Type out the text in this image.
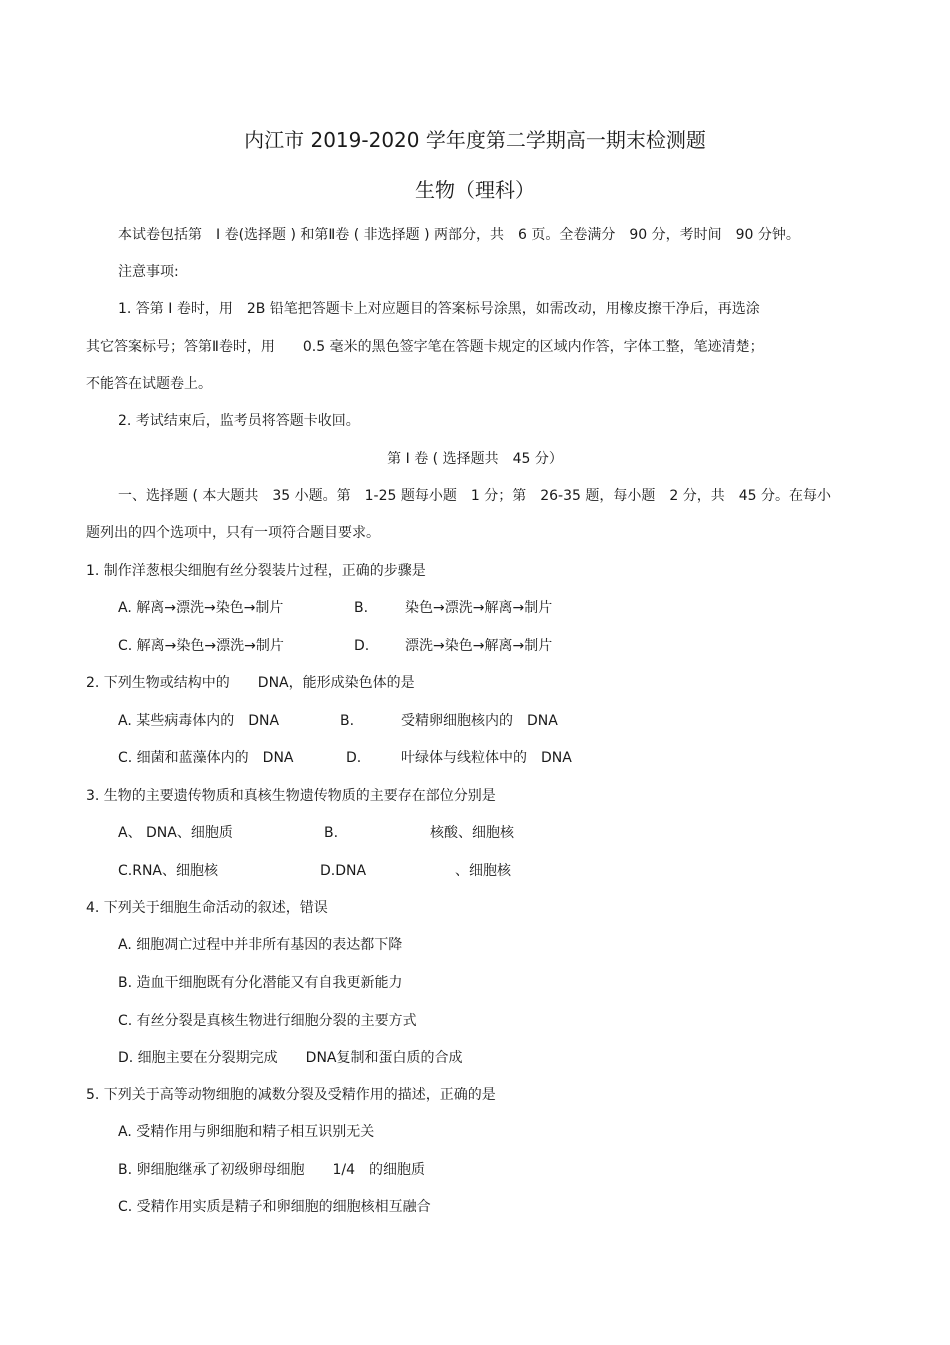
内江市 2019-2020 学年度第二学期高一期末检测题
生物（理科）
本试卷包括第　Ⅰ 卷(选择题 ) 和第Ⅱ卷 ( 非选择题 ) 两部分，共　6 页。全卷满分　90 分，考时间　90 分钟。
注意事项:
1. 答第 Ⅰ 卷时，用　2B 铅笔把答题卡上对应题目的答案标号涂黑，如需改动，用橡皮擦干净后，再选涂
其它答案标号；答第Ⅱ卷时，用　　0.5 毫米的黑色签字笔在答题卡规定的区域内作答，字体工整，笔迹清楚；
不能答在试题卷上。
2. 考试结束后，监考员将答题卡收回。
第 Ⅰ 卷 ( 选择题共　45 分）
一、选择题 ( 本大题共　35 小题。第　1-25 题每小题　1 分；第　26-35 题，每小题　2 分，共　45 分。在每小
题列出的四个选项中，只有一项符合题目要求。
1. 制作洋葱根尖细胞有丝分裂装片过程，正确的步骤是
A. 解离→漂洗→染色→制片	B.	染色→漂洗→解离→制片
C. 解离→染色→漂洗→制片	D.	漂洗→染色→解离→制片
2. 下列生物或结构中的　　DNA，能形成染色体的是
A. 某些病毒体内的　DNA	B.	受精卵细胞核内的　DNA
C. 细菌和蓝藻体内的　DNA	D.	叶绿体与线粒体中的　DNA
3. 生物的主要遗传物质和真核生物遗传物质的主要存在部位分别是
A、 DNA、细胞质	B.	核酸、细胞核
C.RNA、细胞核	D.DNA	、细胞核
4. 下列关于细胞生命活动的叙述，错误
A. 细胞凋亡过程中并非所有基因的表达都下降
B. 造血干细胞既有分化潜能又有自我更新能力
C. 有丝分裂是真核生物进行细胞分裂的主要方式
D. 细胞主要在分裂期完成　　DNA复制和蛋白质的合成
5. 下列关于高等动物细胞的减数分裂及受精作用的描述，正确的是
A. 受精作用与卵细胞和精子相互识别无关
B. 卵细胞继承了初级卵母细胞　　1/4　的细胞质
C. 受精作用实质是精子和卵细胞的细胞核相互融合
